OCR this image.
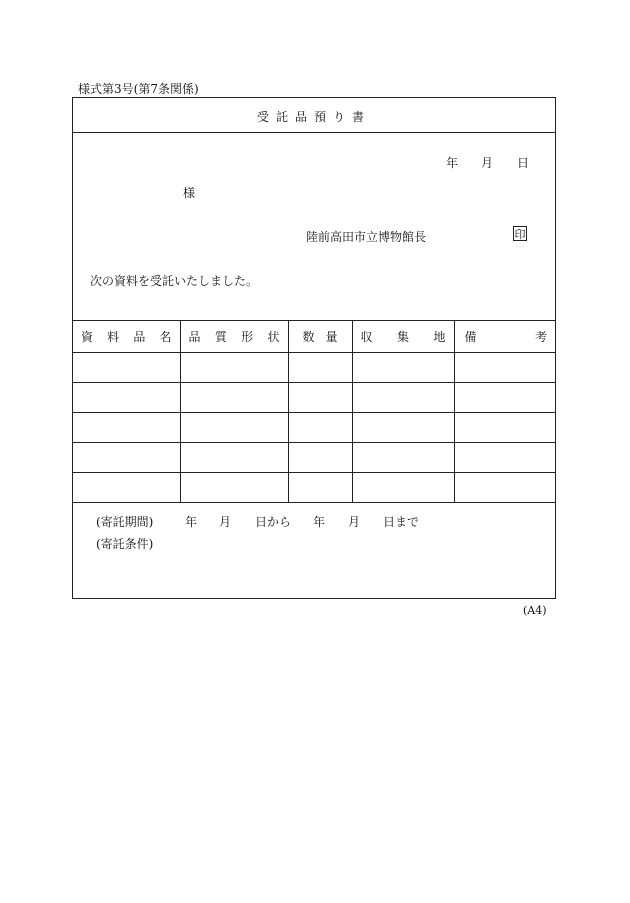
様式第3号(第7条関係)
受託品預り書
年 月 日
様
陸前高田市立博物館長	印
次の資料を受託いたしました。
資 料 品 名	品 質 形 状	数 量	収 集 地	備 考

(寄託期間)	年 月 日から 年 月 日まで
(寄託条件)
(A4)
